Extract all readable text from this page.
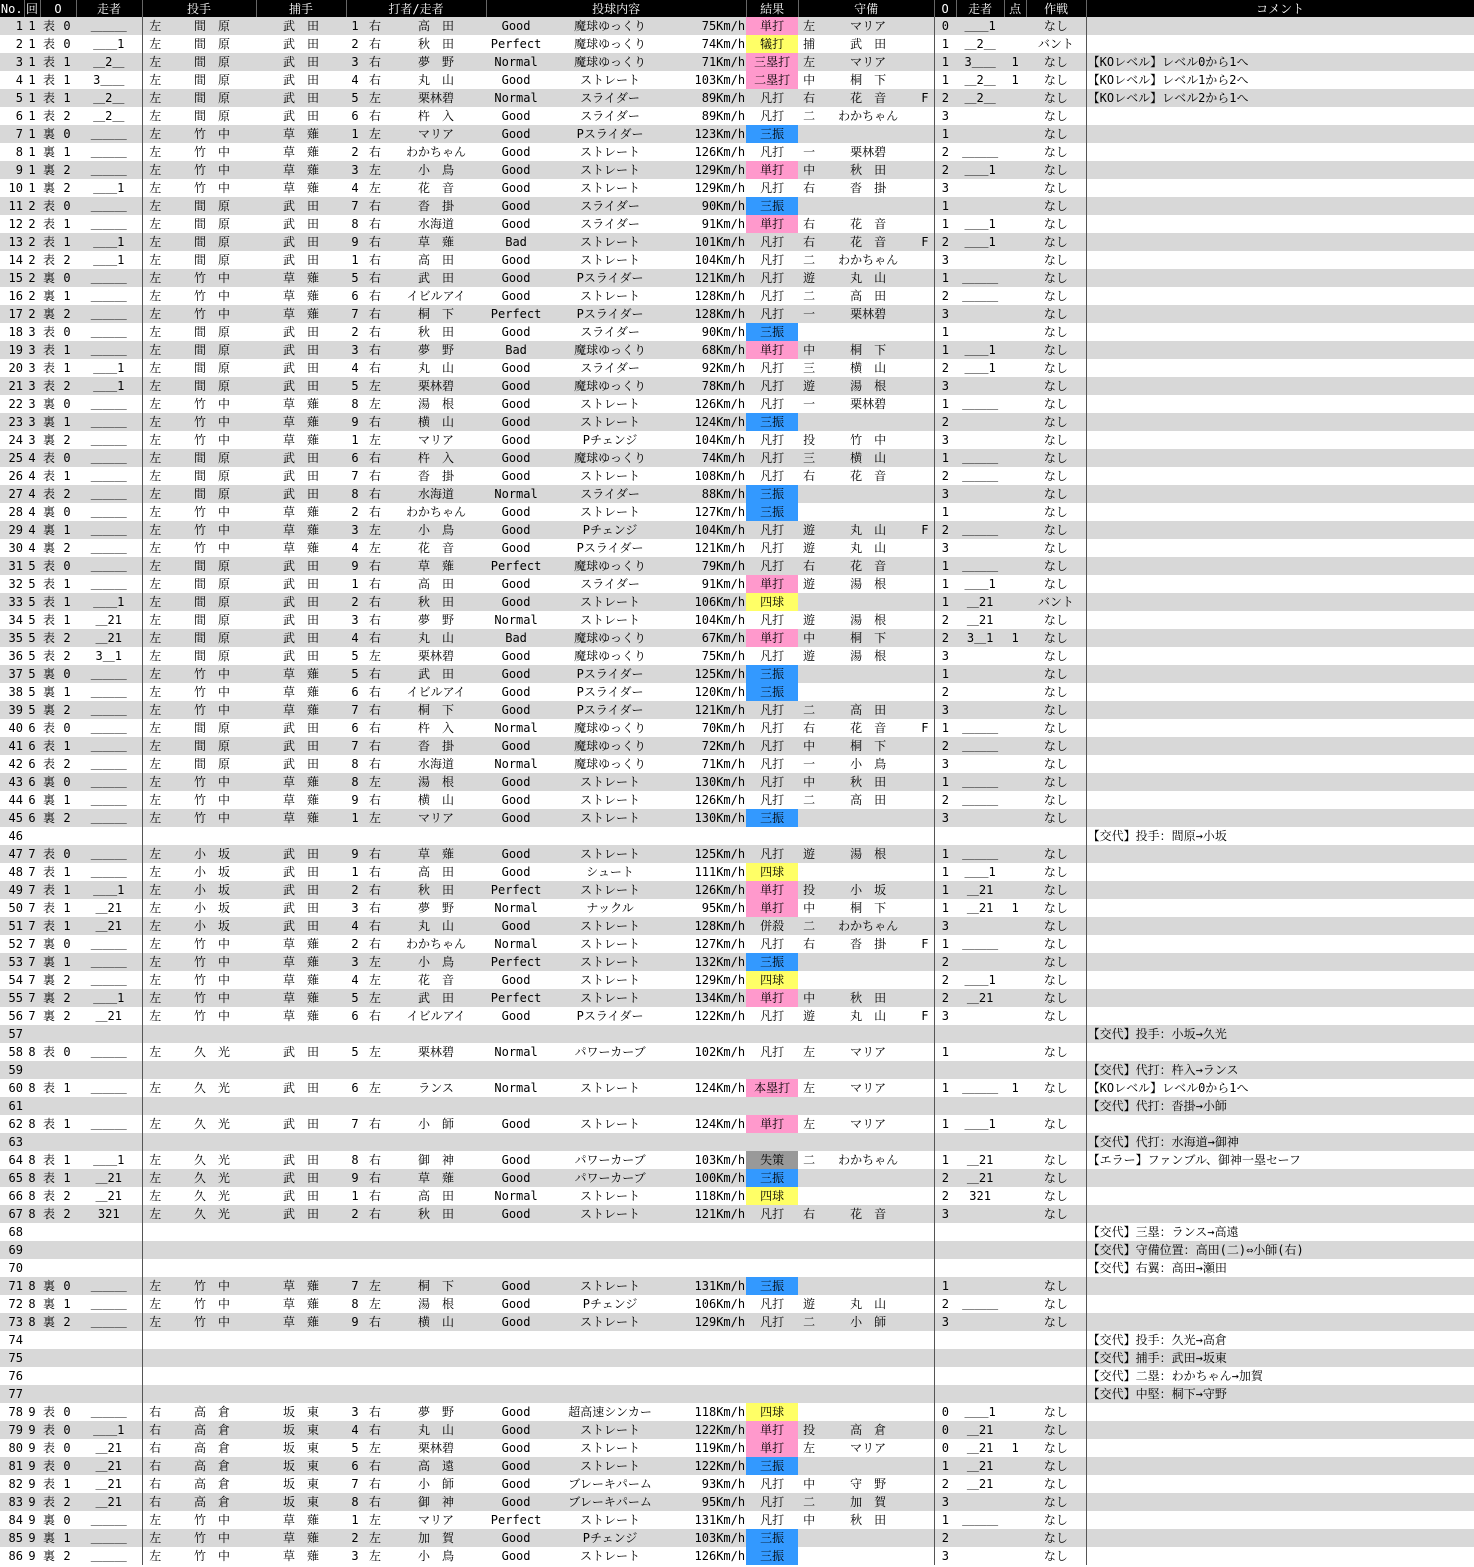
No.	回	O		走者	投手		捕手	打者/走者			投球内容			結果	守備			O	走者	点	作戦	コメント
1	1	表	0	＿＿＿	左	間　原	武　田	1	右	高　田	Good	魔球ゆっくり	75Km/h	単打	左	マリア		0	＿＿1		なし	
2	1	表	0	＿＿1	左	間　原	武　田	2	右	秋　田	Perfect	魔球ゆっくり	74Km/h	犠打	捕	武　田		1	＿2＿		バント	
3	1	表	1	＿2＿	左	間　原	武　田	3	右	夢　野	Normal	魔球ゆっくり	71Km/h	三塁打	左	マリア		1	3＿＿	1	なし	【KOレベル】レベル0から1へ
4	1	表	1	3＿＿	左	間　原	武　田	4	右	丸　山	Good	ストレート	103Km/h	二塁打	中	桐　下		1	＿2＿	1	なし	【KOレベル】レベル1から2へ
5	1	表	1	＿2＿	左	間　原	武　田	5	左	栗林碧	Normal	スライダー	89Km/h	凡打	右	花　音	F	2	＿2＿		なし	【KOレベル】レベル2から1へ
6	1	表	2	＿2＿	左	間　原	武　田	6	右	杵　入	Good	スライダー	89Km/h	凡打	二	わかちゃん		3			なし	
7	1	裏	0	＿＿＿	左	竹　中	草　薙	1	左	マリア	Good	Pスライダー	123Km/h	三振				1			なし	
8	1	裏	1	＿＿＿	左	竹　中	草　薙	2	右	わかちゃん	Good	ストレート	126Km/h	凡打	一	栗林碧		2	＿＿＿		なし	
9	1	裏	2	＿＿＿	左	竹　中	草　薙	3	左	小　鳥	Good	ストレート	129Km/h	単打	中	秋　田		2	＿＿1		なし	
10	1	裏	2	＿＿1	左	竹　中	草　薙	4	左	花　音	Good	ストレート	129Km/h	凡打	右	沓　掛		3			なし	
11	2	表	0	＿＿＿	左	間　原	武　田	7	右	沓　掛	Good	スライダー	90Km/h	三振				1			なし	
12	2	表	1	＿＿＿	左	間　原	武　田	8	右	水海道	Good	スライダー	91Km/h	単打	右	花　音		1	＿＿1		なし	
13	2	表	1	＿＿1	左	間　原	武　田	9	右	草　薙	Bad	ストレート	101Km/h	凡打	右	花　音	F	2	＿＿1		なし	
14	2	表	2	＿＿1	左	間　原	武　田	1	右	高　田	Good	ストレート	104Km/h	凡打	二	わかちゃん		3			なし	
15	2	裏	0	＿＿＿	左	竹　中	草　薙	5	右	武　田	Good	Pスライダー	121Km/h	凡打	遊	丸　山		1	＿＿＿		なし	
16	2	裏	1	＿＿＿	左	竹　中	草　薙	6	右	イビルアイ	Good	ストレート	128Km/h	凡打	二	高　田		2	＿＿＿		なし	
17	2	裏	2	＿＿＿	左	竹　中	草　薙	7	右	桐　下	Perfect	Pスライダー	128Km/h	凡打	一	栗林碧		3			なし	
18	3	表	0	＿＿＿	左	間　原	武　田	2	右	秋　田	Good	スライダー	90Km/h	三振				1			なし	
19	3	表	1	＿＿＿	左	間　原	武　田	3	右	夢　野	Bad	魔球ゆっくり	68Km/h	単打	中	桐　下		1	＿＿1		なし	
20	3	表	1	＿＿1	左	間　原	武　田	4	右	丸　山	Good	スライダー	92Km/h	凡打	三	横　山		2	＿＿1		なし	
21	3	表	2	＿＿1	左	間　原	武　田	5	左	栗林碧	Good	魔球ゆっくり	78Km/h	凡打	遊	湯　根		3			なし	
22	3	裏	0	＿＿＿	左	竹　中	草　薙	8	左	湯　根	Good	ストレート	126Km/h	凡打	一	栗林碧		1	＿＿＿		なし	
23	3	裏	1	＿＿＿	左	竹　中	草　薙	9	右	横　山	Good	ストレート	124Km/h	三振				2			なし	
24	3	裏	2	＿＿＿	左	竹　中	草　薙	1	左	マリア	Good	Pチェンジ	104Km/h	凡打	投	竹　中		3			なし	
25	4	表	0	＿＿＿	左	間　原	武　田	6	右	杵　入	Good	魔球ゆっくり	74Km/h	凡打	三	横　山		1	＿＿＿		なし	
26	4	表	1	＿＿＿	左	間　原	武　田	7	右	沓　掛	Good	ストレート	108Km/h	凡打	右	花　音		2	＿＿＿		なし	
27	4	表	2	＿＿＿	左	間　原	武　田	8	右	水海道	Normal	スライダー	88Km/h	三振				3			なし	
28	4	裏	0	＿＿＿	左	竹　中	草　薙	2	右	わかちゃん	Good	ストレート	127Km/h	三振				1			なし	
29	4	裏	1	＿＿＿	左	竹　中	草　薙	3	左	小　鳥	Good	Pチェンジ	104Km/h	凡打	遊	丸　山	F	2	＿＿＿		なし	
30	4	裏	2	＿＿＿	左	竹　中	草　薙	4	左	花　音	Good	Pスライダー	121Km/h	凡打	遊	丸　山		3			なし	
31	5	表	0	＿＿＿	左	間　原	武　田	9	右	草　薙	Perfect	魔球ゆっくり	79Km/h	凡打	右	花　音		1	＿＿＿		なし	
32	5	表	1	＿＿＿	左	間　原	武　田	1	右	高　田	Good	スライダー	91Km/h	単打	遊	湯　根		1	＿＿1		なし	
33	5	表	1	＿＿1	左	間　原	武　田	2	右	秋　田	Good	ストレート	106Km/h	四球				1	＿21		バント	
34	5	表	1	＿21	左	間　原	武　田	3	右	夢　野	Normal	ストレート	104Km/h	凡打	遊	湯　根		2	＿21		なし	
35	5	表	2	＿21	左	間　原	武　田	4	右	丸　山	Bad	魔球ゆっくり	67Km/h	単打	中	桐　下		2	3＿1	1	なし	
36	5	表	2	3＿1	左	間　原	武　田	5	左	栗林碧	Good	魔球ゆっくり	75Km/h	凡打	遊	湯　根		3			なし	
37	5	裏	0	＿＿＿	左	竹　中	草　薙	5	右	武　田	Good	Pスライダー	125Km/h	三振				1			なし	
38	5	裏	1	＿＿＿	左	竹　中	草　薙	6	右	イビルアイ	Good	Pスライダー	120Km/h	三振				2			なし	
39	5	裏	2	＿＿＿	左	竹　中	草　薙	7	右	桐　下	Good	Pスライダー	121Km/h	凡打	二	高　田		3			なし	
40	6	表	0	＿＿＿	左	間　原	武　田	6	右	杵　入	Normal	魔球ゆっくり	70Km/h	凡打	右	花　音	F	1	＿＿＿		なし	
41	6	表	1	＿＿＿	左	間　原	武　田	7	右	沓　掛	Good	魔球ゆっくり	72Km/h	凡打	中	桐　下		2	＿＿＿		なし	
42	6	表	2	＿＿＿	左	間　原	武　田	8	右	水海道	Normal	魔球ゆっくり	71Km/h	凡打	一	小　鳥		3			なし	
43	6	裏	0	＿＿＿	左	竹　中	草　薙	8	左	湯　根	Good	ストレート	130Km/h	凡打	中	秋　田		1	＿＿＿		なし	
44	6	裏	1	＿＿＿	左	竹　中	草　薙	9	右	横　山	Good	ストレート	126Km/h	凡打	二	高　田		2	＿＿＿		なし	
45	6	裏	2	＿＿＿	左	竹　中	草　薙	1	左	マリア	Good	ストレート	130Km/h	三振				3			なし	
46																						【交代】投手：間原→小坂
47	7	表	0	＿＿＿	左	小　坂	武　田	9	右	草　薙	Good	ストレート	125Km/h	凡打	遊	湯　根		1	＿＿＿		なし	
48	7	表	1	＿＿＿	左	小　坂	武　田	1	右	高　田	Good	シュート	111Km/h	四球				1	＿＿1		なし	
49	7	表	1	＿＿1	左	小　坂	武　田	2	右	秋　田	Perfect	ストレート	126Km/h	単打	投	小　坂		1	＿21		なし	
50	7	表	1	＿21	左	小　坂	武　田	3	右	夢　野	Normal	ナックル	95Km/h	単打	中	桐　下		1	＿21	1	なし	
51	7	表	1	＿21	左	小　坂	武　田	4	右	丸　山	Good	ストレート	128Km/h	併殺	二	わかちゃん		3			なし	
52	7	裏	0	＿＿＿	左	竹　中	草　薙	2	右	わかちゃん	Normal	ストレート	127Km/h	凡打	右	沓　掛	F	1	＿＿＿		なし	
53	7	裏	1	＿＿＿	左	竹　中	草　薙	3	左	小　鳥	Perfect	ストレート	132Km/h	三振				2			なし	
54	7	裏	2	＿＿＿	左	竹　中	草　薙	4	左	花　音	Good	ストレート	129Km/h	四球				2	＿＿1		なし	
55	7	裏	2	＿＿1	左	竹　中	草　薙	5	左	武　田	Perfect	ストレート	134Km/h	単打	中	秋　田		2	＿21		なし	
56	7	裏	2	＿21	左	竹　中	草　薙	6	右	イビルアイ	Good	Pスライダー	122Km/h	凡打	遊	丸　山	F	3			なし	
57																						【交代】投手：小坂→久光
58	8	表	0	＿＿＿	左	久　光	武　田	5	左	栗林碧	Normal	パワーカーブ	102Km/h	凡打	左	マリア		1			なし	
59																						【交代】代打：杵入→ランス
60	8	表	1	＿＿＿	左	久　光	武　田	6	左	ランス	Normal	ストレート	124Km/h	本塁打	左	マリア		1	＿＿＿	1	なし	【KOレベル】レベル0から1へ
61																						【交代】代打：沓掛→小師
62	8	表	1	＿＿＿	左	久　光	武　田	7	右	小　師	Good	ストレート	124Km/h	単打	左	マリア		1	＿＿1		なし	
63																						【交代】代打：水海道→御神
64	8	表	1	＿＿1	左	久　光	武　田	8	右	御　神	Good	パワーカーブ	103Km/h	失策	二	わかちゃん		1	＿21		なし	【エラー】ファンブル、御神一塁セーフ
65	8	表	1	＿21	左	久　光	武　田	9	右	草　薙	Good	パワーカーブ	100Km/h	三振				2	＿21		なし	
66	8	表	2	＿21	左	久　光	武　田	1	右	高　田	Normal	ストレート	118Km/h	四球				2	321		なし	
67	8	表	2	321	左	久　光	武　田	2	右	秋　田	Good	ストレート	121Km/h	凡打	右	花　音		3			なし	
68																						【交代】三塁：ランス→高遠
69																						【交代】守備位置：高田(二)⇔小師(右)
70																						【交代】右翼：高田→瀬田
71	8	裏	0	＿＿＿	左	竹　中	草　薙	7	左	桐　下	Good	ストレート	131Km/h	三振				1			なし	
72	8	裏	1	＿＿＿	左	竹　中	草　薙	8	左	湯　根	Good	Pチェンジ	106Km/h	凡打	遊	丸　山		2	＿＿＿		なし	
73	8	裏	2	＿＿＿	左	竹　中	草　薙	9	右	横　山	Good	ストレート	129Km/h	凡打	二	小　師		3			なし	
74																						【交代】投手：久光→高倉
75																						【交代】捕手：武田→坂東
76																						【交代】二塁：わかちゃん→加賀
77																						【交代】中堅：桐下→守野
78	9	表	0	＿＿＿	右	高　倉	坂　東	3	右	夢　野	Good	超高速シンカー	118Km/h	四球				0	＿＿1		なし	
79	9	表	0	＿＿1	右	高　倉	坂　東	4	右	丸　山	Good	ストレート	122Km/h	単打	投	高　倉		0	＿21		なし	
80	9	表	0	＿21	右	高　倉	坂　東	5	左	栗林碧	Good	ストレート	119Km/h	単打	左	マリア		0	＿21	1	なし	
81	9	表	0	＿21	右	高　倉	坂　東	6	右	高　遠	Good	ストレート	122Km/h	三振				1	＿21		なし	
82	9	表	1	＿21	右	高　倉	坂　東	7	右	小　師	Good	ブレーキパーム	93Km/h	凡打	中	守　野		2	＿21		なし	
83	9	表	2	＿21	右	高　倉	坂　東	8	右	御　神	Good	ブレーキパーム	95Km/h	凡打	二	加　賀		3			なし	
84	9	裏	0	＿＿＿	左	竹　中	草　薙	1	左	マリア	Perfect	ストレート	131Km/h	凡打	中	秋　田		1	＿＿＿		なし	
85	9	裏	1	＿＿＿	左	竹　中	草　薙	2	左	加　賀	Good	Pチェンジ	103Km/h	三振				2			なし	
86	9	裏	2	＿＿＿	左	竹　中	草　薙	3	左	小　鳥	Good	ストレート	126Km/h	三振				3			なし	
